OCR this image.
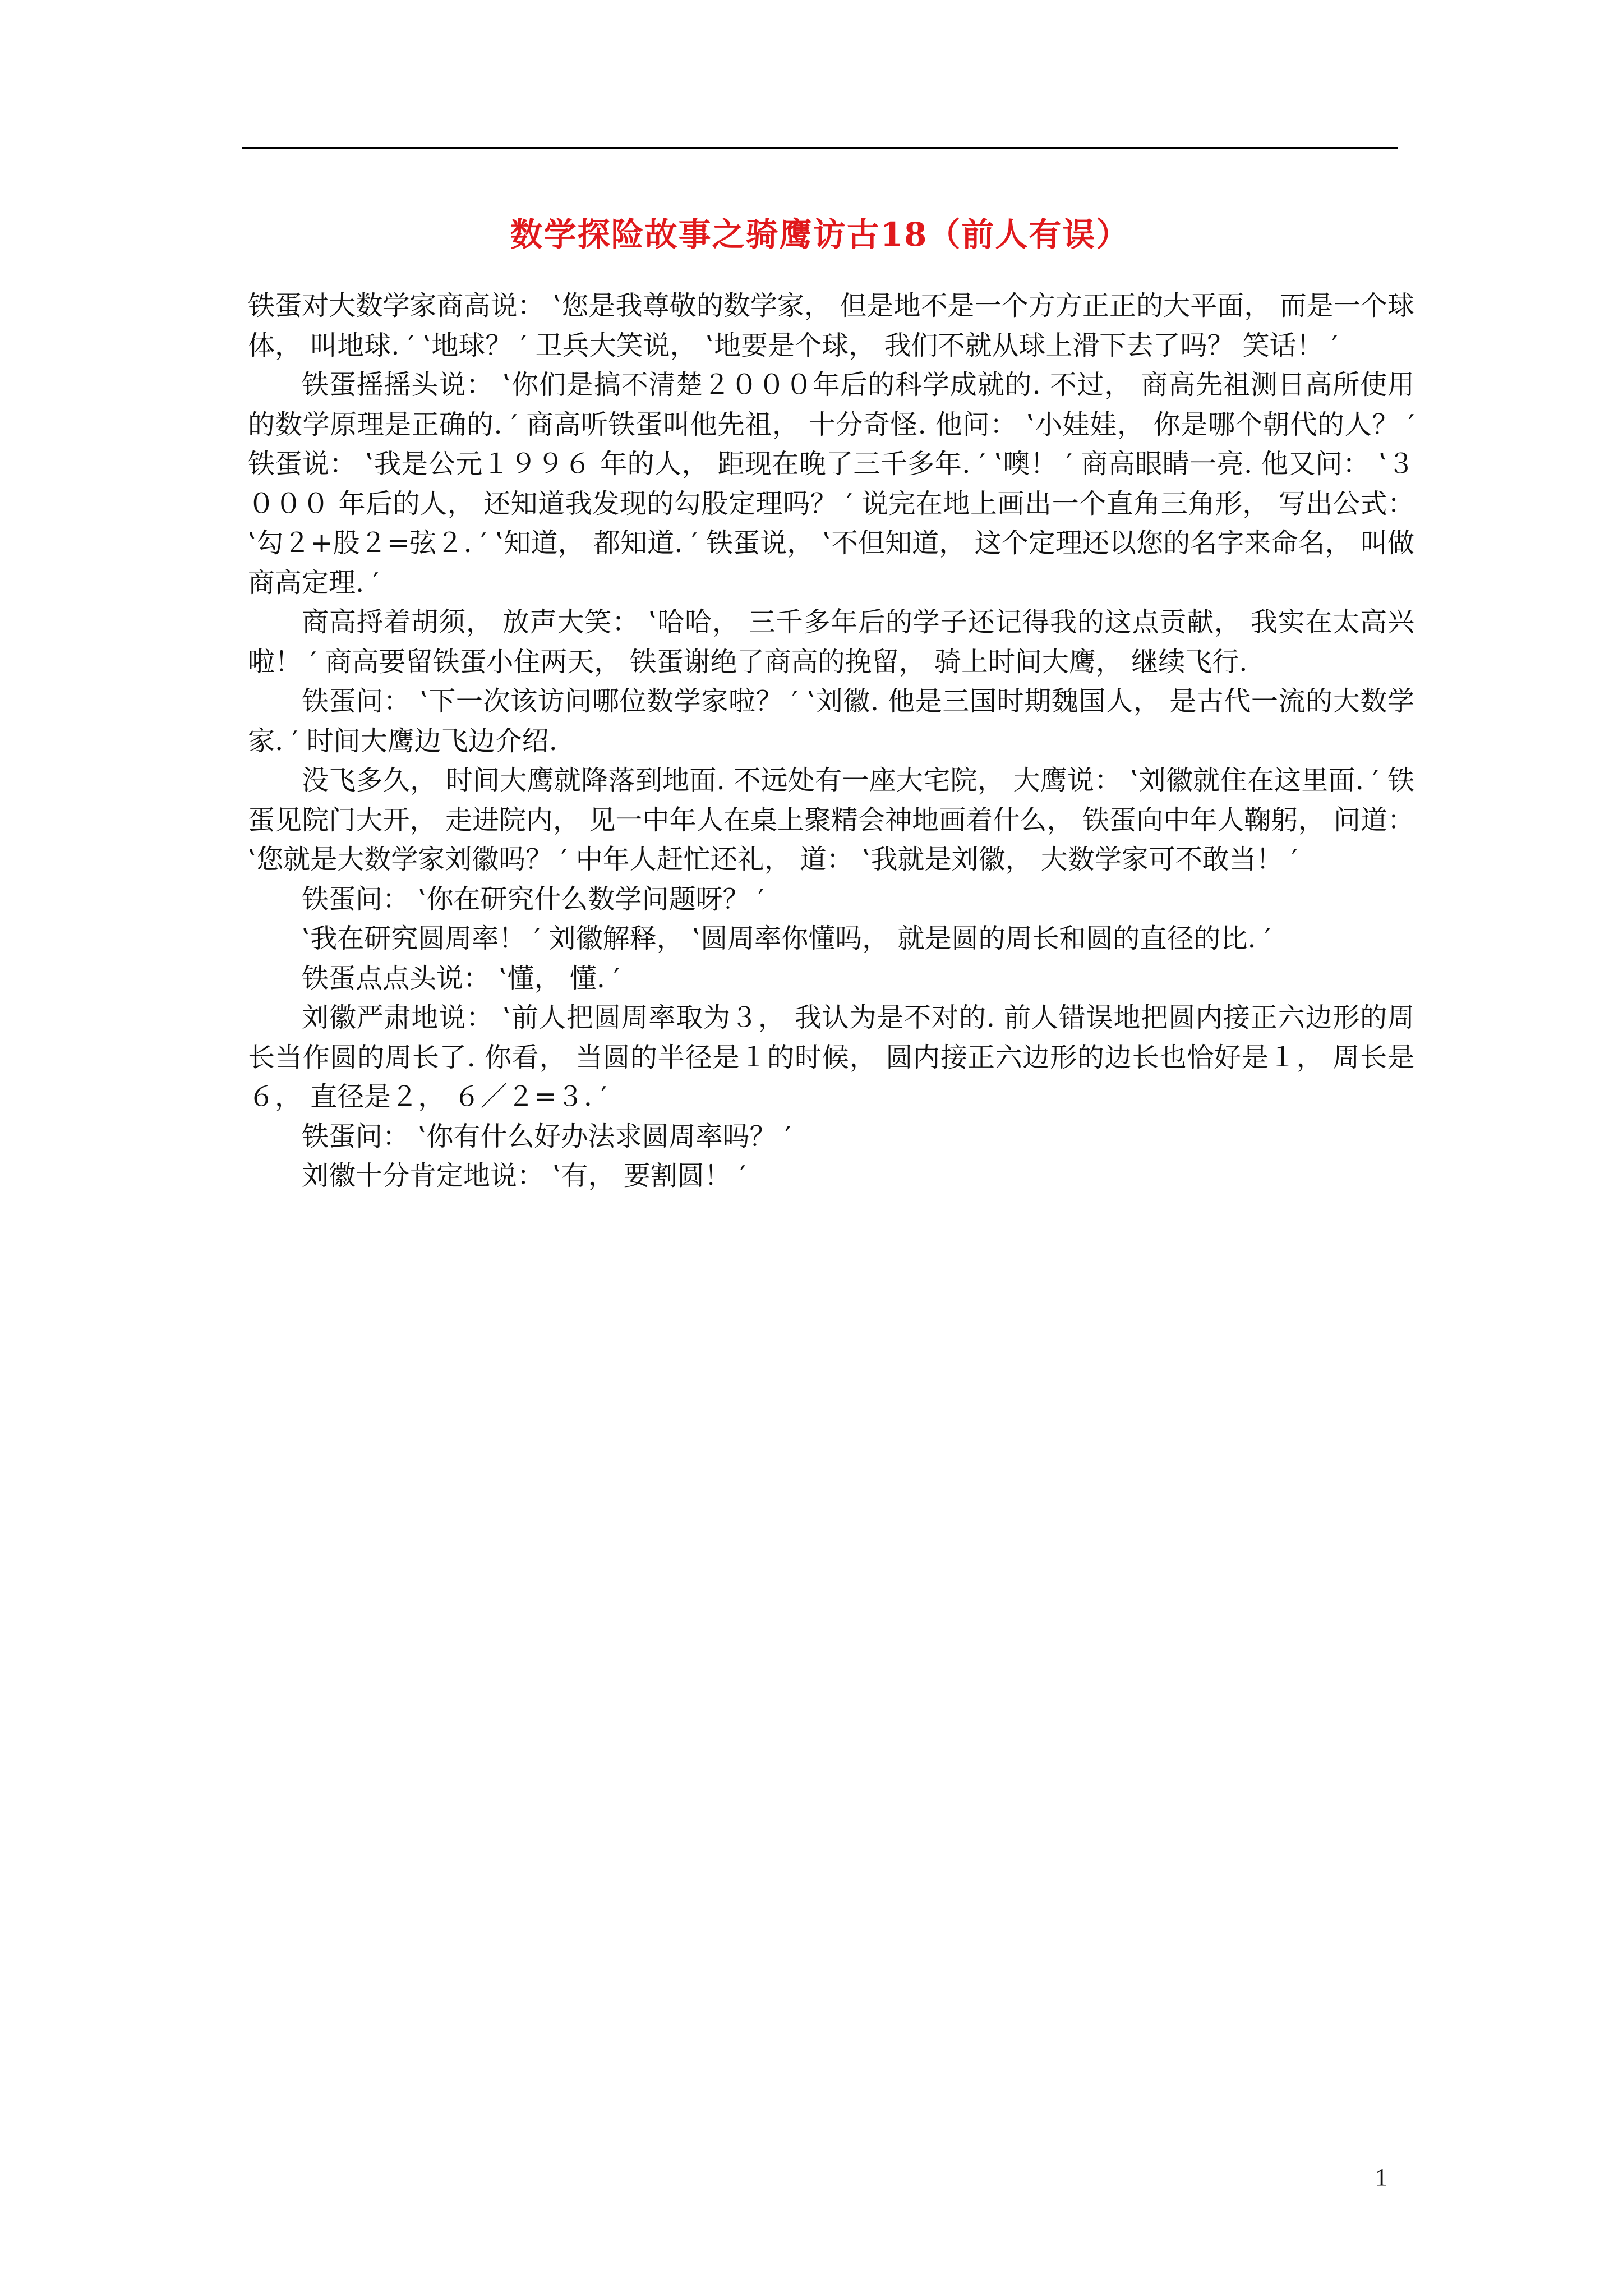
数学探险故事之骑鹰访古18（前人有误）

铁蛋对大数学家商高说： ‛您是我尊敬的数学家， 但是地不是一个方方正正的大平面， 而是一个球体， 叫地球. ′ ‛地球？ ′ 卫兵大笑说， ‛地要是个球， 我们不就从球上滑下去了吗？ 笑话！ ′

铁蛋摇摇头说： ‛你们是搞不清楚２０００年后的科学成就的. 不过， 商高先祖测日高所使用的数学原理是正确的. ′ 商高听铁蛋叫他先祖， 十分奇怪. 他问： ‛小娃娃， 你是哪个朝代的人？ ′ 铁蛋说： ‛我是公元１９９６ 年的人， 距现在晚了三千多年. ′ ‛噢！ ′ 商高眼睛一亮. 他又问： ‛３０００ 年后的人， 还知道我发现的勾股定理吗？ ′ 说完在地上画出一个直角三角形， 写出公式： ‛勾２+股２=弦２. ′ ‛知道， 都知道. ′ 铁蛋说， ‛不但知道， 这个定理还以您的名字来命名， 叫做商高定理. ′

商高捋着胡须， 放声大笑： ‛哈哈， 三千多年后的学子还记得我的这点贡献， 我实在太高兴啦！ ′ 商高要留铁蛋小住两天， 铁蛋谢绝了商高的挽留， 骑上时间大鹰， 继续飞行.

铁蛋问： ‛下一次该访问哪位数学家啦？ ′ ‛刘徽. 他是三国时期魏国人， 是古代一流的大数学家. ′ 时间大鹰边飞边介绍.

没飞多久， 时间大鹰就降落到地面. 不远处有一座大宅院， 大鹰说： ‛刘徽就住在这里面. ′ 铁蛋见院门大开， 走进院内， 见一中年人在桌上聚精会神地画着什么， 铁蛋向中年人鞠躬， 问道： ‛您就是大数学家刘徽吗？ ′ 中年人赶忙还礼， 道： ‛我就是刘徽， 大数学家可不敢当！ ′

铁蛋问： ‛你在研究什么数学问题呀？ ′

‛我在研究圆周率！ ′ 刘徽解释， ‛圆周率你懂吗， 就是圆的周长和圆的直径的比. ′

铁蛋点点头说： ‛懂， 懂. ′

刘徽严肃地说： ‛前人把圆周率取为３， 我认为是不对的. 前人错误地把圆内接正六边形的周长当作圆的周长了. 你看， 当圆的半径是１的时候， 圆内接正六边形的边长也恰好是１， 周长是６， 直径是２， ６／２=３. ′

铁蛋问： ‛你有什么好办法求圆周率吗？ ′

刘徽十分肯定地说： ‛有， 要割圆！ ′

1
